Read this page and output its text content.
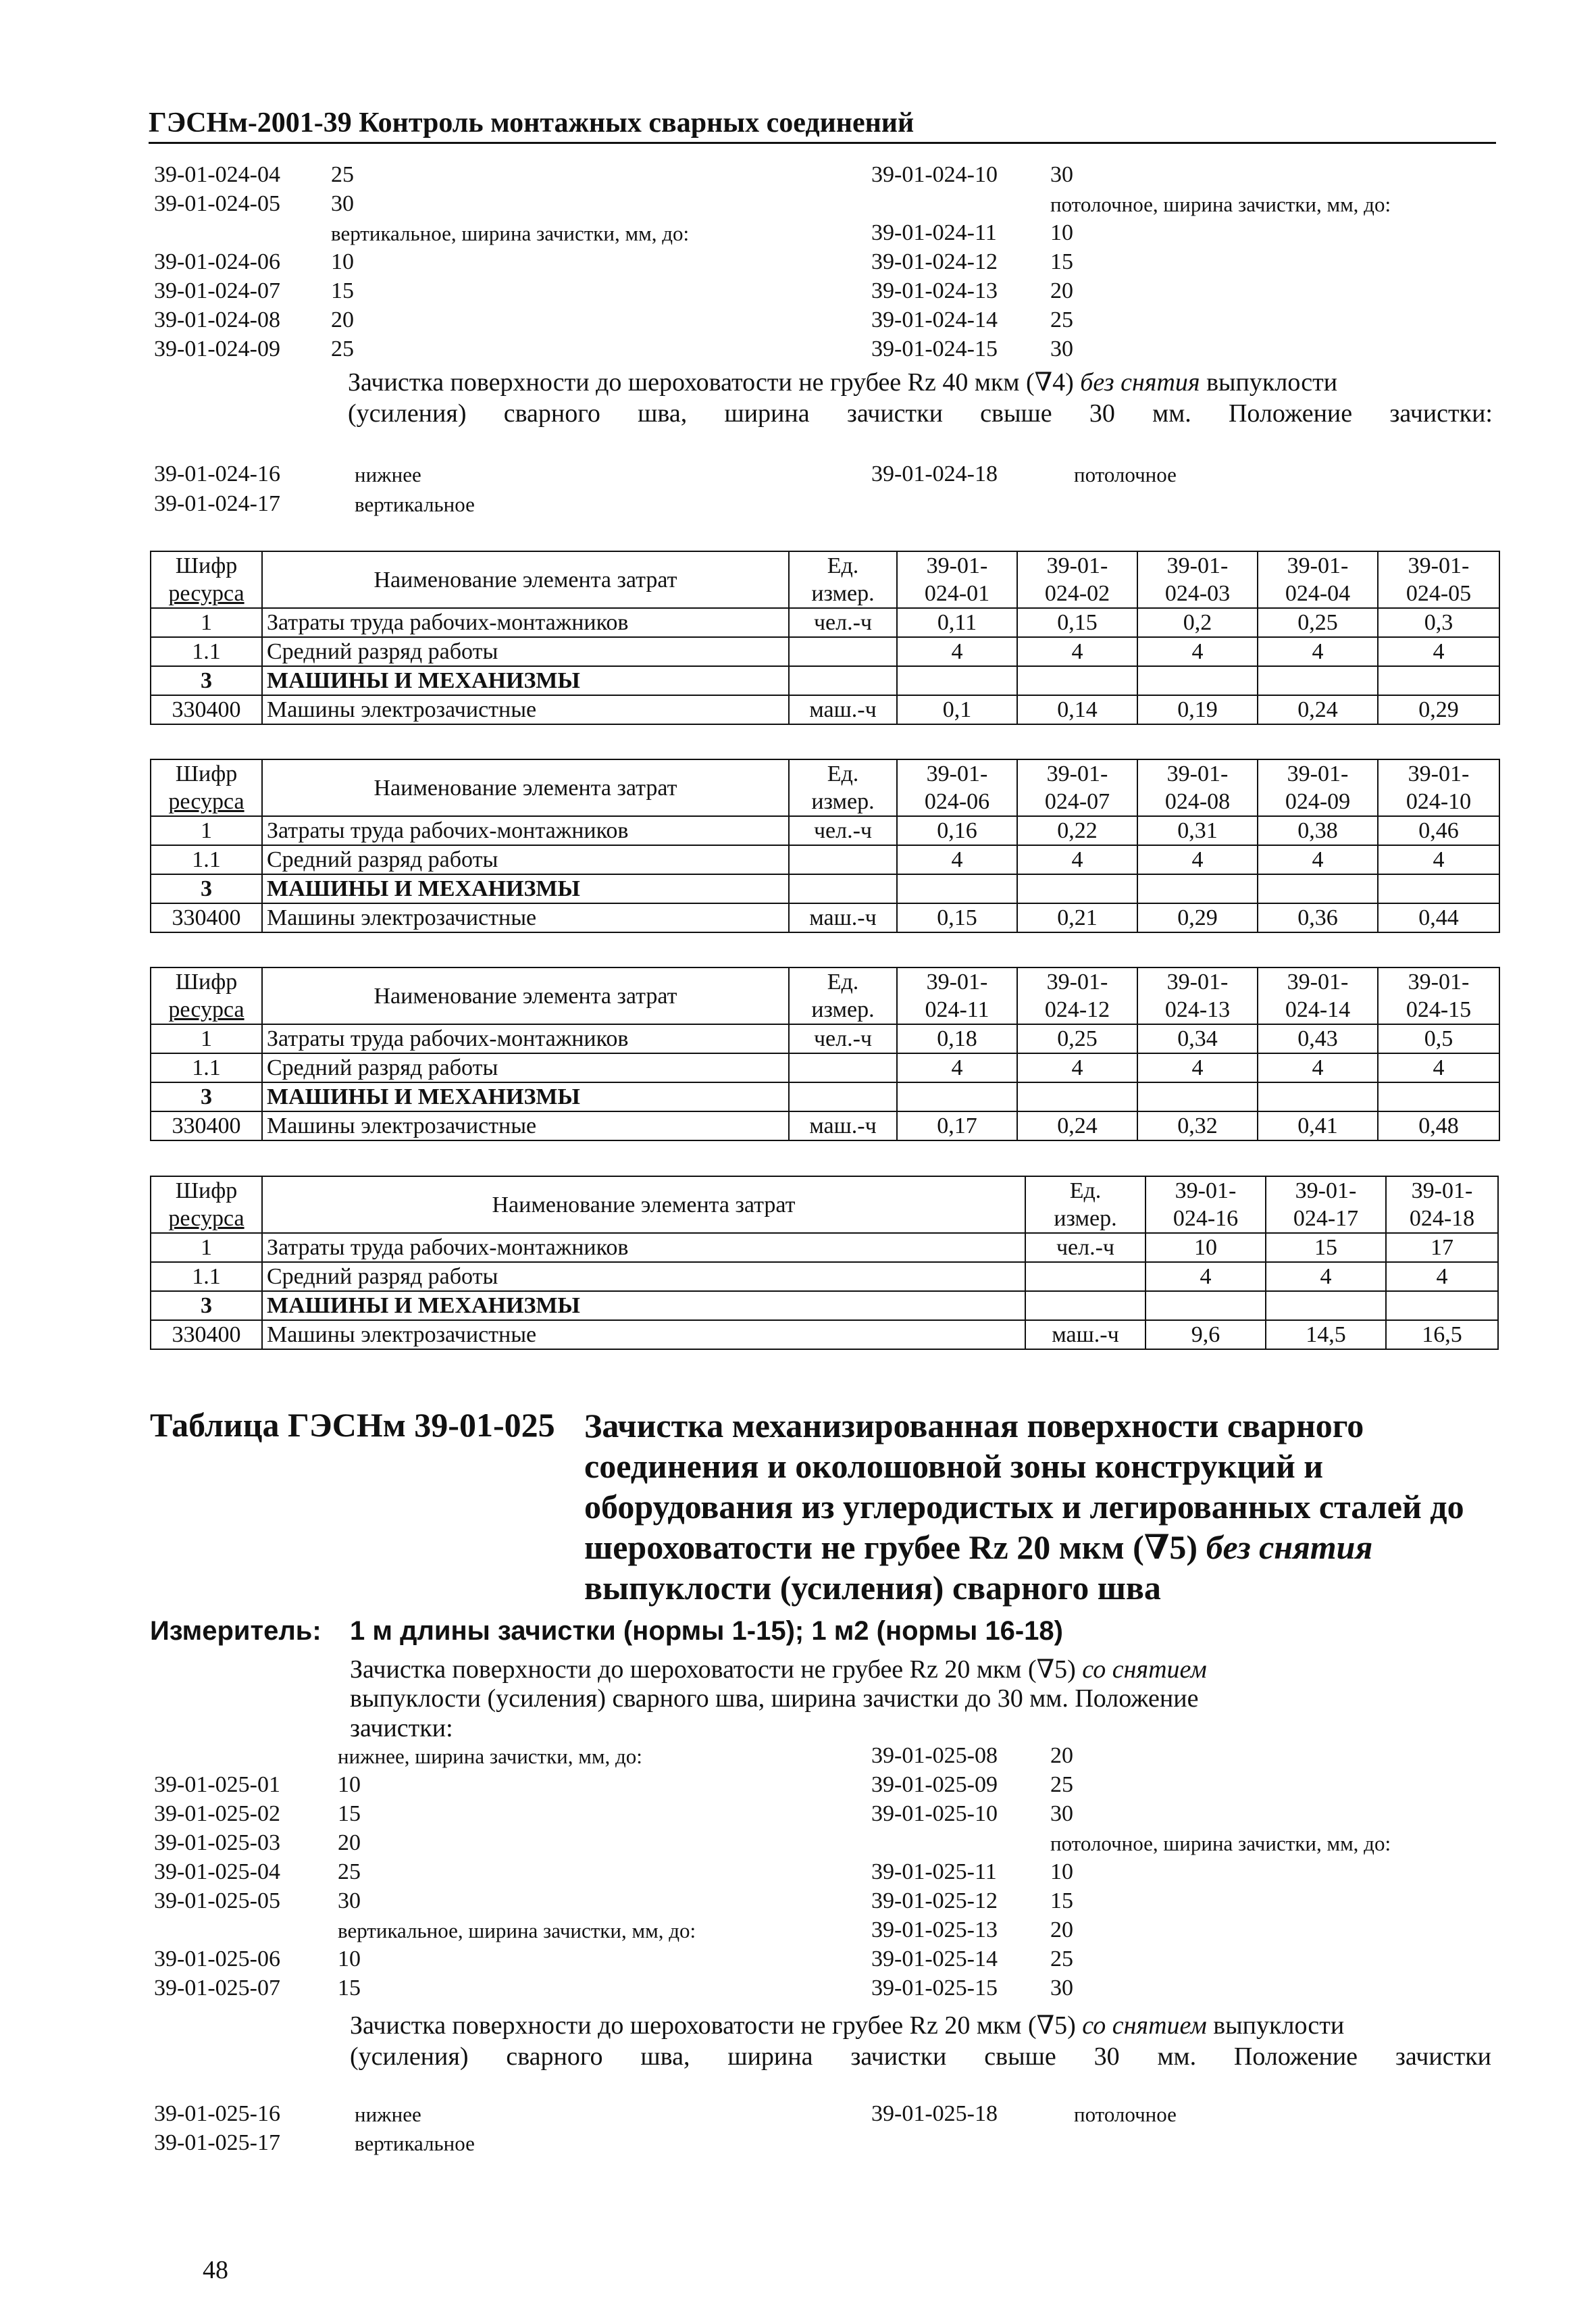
ГЭСНм-2001-39 Контроль монтажных сварных соединений
39-01-024-04 25
39-01-024-05 30
вертикальное, ширина зачистки, мм, до:
39-01-024-06 10
39-01-024-07 15
39-01-024-08 20
39-01-024-09 25
39-01-024-10 30
потолочное, ширина зачистки, мм, до:
39-01-024-11 10
39-01-024-12 15
39-01-024-13 20
39-01-024-14 25
39-01-024-15 30
Зачистка поверхности до шероховатости не грубее Rz 40 мкм (∇4) без снятия выпуклости
(усиления) сварного шва, ширина зачистки свыше 30 мм. Положение зачистки:
39-01-024-16	нижнее
39-01-024-17	вертикальное
39-01-024-18	потолочное
Шифр	Наименование элемента затрат	Ед.	39-01-	39-01-	39-01-	39-01-	39-01-
ресурса		измер.	024-01	024-02	024-03	024-04	024-05
1	Затраты труда рабочих-монтажников	чел.-ч	0,11	0,15	0,2	0,25	0,3
1.1	Средний разряд работы		4	4	4	4	4
3	МАШИНЫ И МЕХАНИЗМЫ						
330400	Машины электрозачистные	маш.-ч	0,1	0,14	0,19	0,24	0,29
Шифр	Наименование элемента затрат	Ед.	39-01-	39-01-	39-01-	39-01-	39-01-
ресурса		измер.	024-06	024-07	024-08	024-09	024-10
1	Затраты труда рабочих-монтажников	чел.-ч	0,16	0,22	0,31	0,38	0,46
1.1	Средний разряд работы		4	4	4	4	4
3	МАШИНЫ И МЕХАНИЗМЫ						
330400	Машины электрозачистные	маш.-ч	0,15	0,21	0,29	0,36	0,44
Шифр	Наименование элемента затрат	Ед.	39-01-	39-01-	39-01-	39-01-	39-01-
ресурса		измер.	024-11	024-12	024-13	024-14	024-15
1	Затраты труда рабочих-монтажников	чел.-ч	0,18	0,25	0,34	0,43	0,5
1.1	Средний разряд работы		4	4	4	4	4
3	МАШИНЫ И МЕХАНИЗМЫ						
330400	Машины электрозачистные	маш.-ч	0,17	0,24	0,32	0,41	0,48
Шифр	Наименование элемента затрат	Ед.	39-01-	39-01-	39-01-
ресурса		измер.	024-16	024-17	024-18
1	Затраты труда рабочих-монтажников	чел.-ч	10	15	17
1.1	Средний разряд работы		4	4	4
3	МАШИНЫ И МЕХАНИЗМЫ				
330400	Машины электрозачистные	маш.-ч	9,6	14,5	16,5
Таблица ГЭСНм 39-01-025 Зачистка механизированная поверхности сварного соединения и околошовной зоны конструкций и оборудования из углеродистых и легированных сталей до шероховатости не грубее Rz 20 мкм (∇5) без снятия выпуклости (усиления) сварного шва
Измеритель: 1 м длины зачистки (нормы 1-15); 1 м2 (нормы 16-18)
Зачистка поверхности до шероховатости не грубее Rz 20 мкм (∇5) со снятием
выпуклости (усиления) сварного шва, ширина зачистки до 30 мм. Положение
зачистки:
нижнее, ширина зачистки, мм, до:
39-01-025-01	10
39-01-025-02	15
39-01-025-03	20
39-01-025-04	25
39-01-025-05	30
вертикальное, ширина зачистки, мм, до:
39-01-025-06	10
39-01-025-07	15
39-01-025-08 20
39-01-025-09 25
39-01-025-10 30
потолочное, ширина зачистки, мм, до:
39-01-025-11 10
39-01-025-12 15
39-01-025-13 20
39-01-025-14 25
39-01-025-15 30
Зачистка поверхности до шероховатости не грубее Rz 20 мкм (∇5) со снятием выпуклости
(усиления) сварного шва, ширина зачистки свыше 30 мм. Положение зачистки
39-01-025-16	нижнее
39-01-025-17	вертикальное
39-01-025-18	потолочное
48
